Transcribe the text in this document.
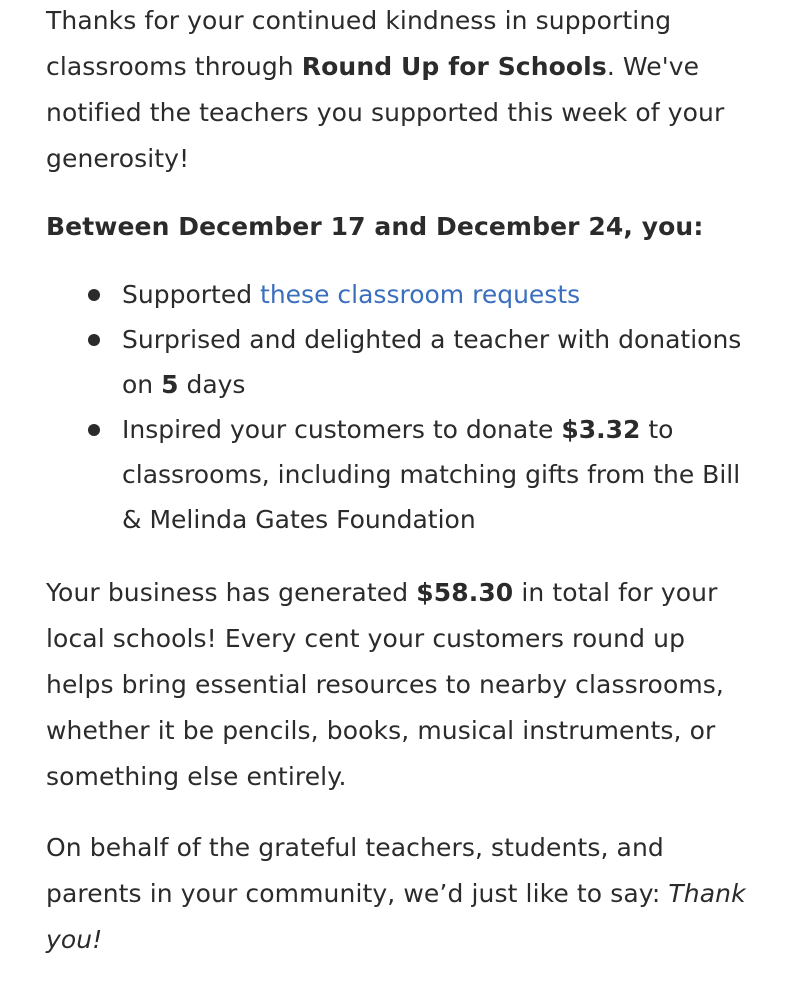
Thanks for your continued kindness in supporting classrooms through Round Up for Schools. We've notified the teachers you supported this week of your generosity!

Between December 17 and December 24, you:

Supported these classroom requests
Surprised and delighted a teacher with donations on 5 days
Inspired your customers to donate $3.32 to classrooms, including matching gifts from the Bill & Melinda Gates Foundation

Your business has generated $58.30 in total for your local schools! Every cent your customers round up helps bring essential resources to nearby classrooms, whether it be pencils, books, musical instruments, or something else entirely.

On behalf of the grateful teachers, students, and parents in your community, we’d just like to say: Thank you!
